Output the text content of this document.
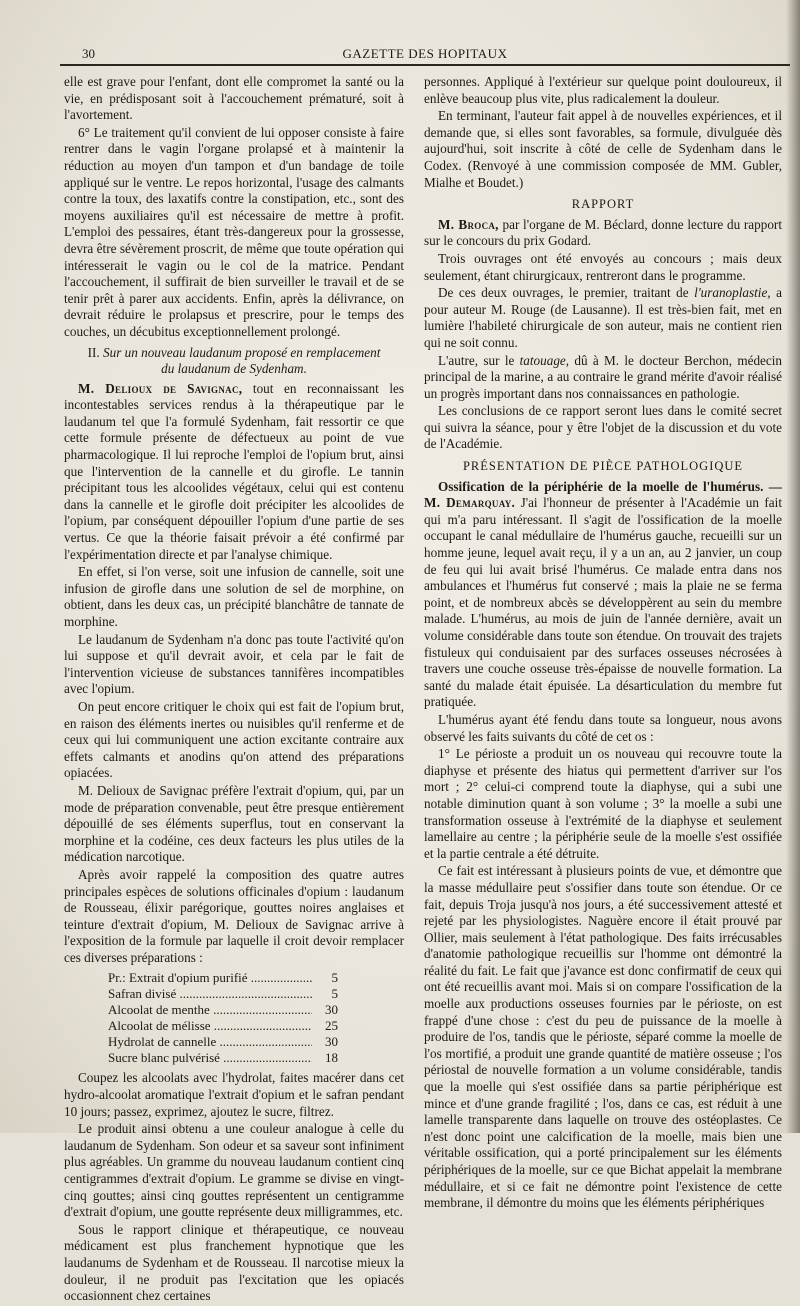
30	GAZETTE DES HOPITAUX

elle est grave pour l'enfant, dont elle compromet la santé ou la vie, en prédisposant soit à l'accouchement prématuré, soit à l'avortement.

6° Le traitement qu'il convient de lui opposer consiste à faire rentrer dans le vagin l'organe prolapsé et à maintenir la réduction au moyen d'un tampon et d'un bandage de toile appliqué sur le ventre. Le repos horizontal, l'usage des calmants contre la toux, des laxatifs contre la constipation, etc., sont des moyens auxiliaires qu'il est nécessaire de mettre à profit. L'emploi des pessaires, étant très-dangereux pour la grossesse, devra être sévèrement proscrit, de même que toute opération qui intéresserait le vagin ou le col de la matrice. Pendant l'accouchement, il suffirait de bien surveiller le travail et de se tenir prêt à parer aux accidents. Enfin, après la délivrance, on devrait réduire le prolapsus et prescrire, pour le temps des couches, un décubitus exceptionnellement prolongé.

II. Sur un nouveau laudanum proposé en remplacement
du laudanum de Sydenham.

M. Delioux de Savignac, tout en reconnaissant les incontestables services rendus à la thérapeutique par le laudanum tel que l'a formulé Sydenham, fait ressortir ce que cette formule présente de défectueux au point de vue pharmacologique. Il lui reproche l'emploi de l'opium brut, ainsi que l'intervention de la cannelle et du girofle. Le tannin précipitant tous les alcoolides végétaux, celui qui est contenu dans la cannelle et le girofle doit précipiter les alcoolides de l'opium, par conséquent dépouiller l'opium d'une partie de ses vertus. Ce que la théorie faisait prévoir a été confirmé par l'expérimentation directe et par l'analyse chimique.

En effet, si l'on verse, soit une infusion de cannelle, soit une infusion de girofle dans une solution de sel de morphine, on obtient, dans les deux cas, un précipité blanchâtre de tannate de morphine.

Le laudanum de Sydenham n'a donc pas toute l'activité qu'on lui suppose et qu'il devrait avoir, et cela par le fait de l'intervention vicieuse de substances tannifères incompatibles avec l'opium.

On peut encore critiquer le choix qui est fait de l'opium brut, en raison des éléments inertes ou nuisibles qu'il renferme et de ceux qui lui communiquent une action excitante contraire aux effets calmants et anodins qu'on attend des préparations opiacées.

M. Delioux de Savignac préfère l'extrait d'opium, qui, par un mode de préparation convenable, peut être presque entièrement dépouillé de ses éléments superflus, tout en conservant la morphine et la codéine, ces deux facteurs les plus utiles de la médication narcotique.

Après avoir rappelé la composition des quatre autres principales espèces de solutions officinales d'opium : laudanum de Rousseau, élixir parégorique, gouttes noires anglaises et teinture d'extrait d'opium, M. Delioux de Savignac arrive à l'exposition de la formule par laquelle il croit devoir remplacer ces diverses préparations :

Pr.: Extrait d'opium purifié .....	5
Safran divisé .....	5
Alcoolat de menthe .....	30
Alcoolat de mélisse .....	25
Hydrolat de cannelle .....	30
Sucre blanc pulvérisé .....	18

Coupez les alcoolats avec l'hydrolat, faites macérer dans cet hydro-alcoolat aromatique l'extrait d'opium et le safran pendant 10 jours; passez, exprimez, ajoutez le sucre, filtrez.

Le produit ainsi obtenu a une couleur analogue à celle du laudanum de Sydenham. Son odeur et sa saveur sont infiniment plus agréables. Un gramme du nouveau laudanum contient cinq centigrammes d'extrait d'opium. Le gramme se divise en vingt-cinq gouttes; ainsi cinq gouttes représentent un centigramme d'extrait d'opium, une goutte représente deux milligrammes, etc.

Sous le rapport clinique et thérapeutique, ce nouveau médicament est plus franchement hypnotique que les laudanums de Sydenham et de Rousseau. Il narcotise mieux la douleur, il ne produit pas l'excitation que les opiacés occasionnent chez certaines

personnes. Appliqué à l'extérieur sur quelque point douloureux, il enlève beaucoup plus vite, plus radicalement la douleur.

En terminant, l'auteur fait appel à de nouvelles expériences, et il demande que, si elles sont favorables, sa formule, divulguée dès aujourd'hui, soit inscrite à côté de celle de Sydenham dans le Codex. (Renvoyé à une commission composée de MM. Gubler, Mialhe et Boudet.)

RAPPORT

M. Broca, par l'organe de M. Béclard, donne lecture du rapport sur le concours du prix Godard.

Trois ouvrages ont été envoyés au concours ; mais deux seulement, étant chirurgicaux, rentreront dans le programme.

De ces deux ouvrages, le premier, traitant de l'uranoplastie, a pour auteur M. Rouge (de Lausanne). Il est très-bien fait, met en lumière l'habileté chirurgicale de son auteur, mais ne contient rien qui ne soit connu.

L'autre, sur le tatouage, dû à M. le docteur Berchon, médecin principal de la marine, a au contraire le grand mérite d'avoir réalisé un progrès important dans nos connaissances en pathologie.

Les conclusions de ce rapport seront lues dans le comité secret qui suivra la séance, pour y être l'objet de la discussion et du vote de l'Académie.

PRÉSENTATION DE PIÈCE PATHOLOGIQUE

Ossification de la périphérie de la moelle de l'humérus. — M. Demarquay. J'ai l'honneur de présenter à l'Académie un fait qui m'a paru intéressant. Il s'agit de l'ossification de la moelle occupant le canal médullaire de l'humérus gauche, recueilli sur un homme jeune, lequel avait reçu, il y a un an, au 2 janvier, un coup de feu qui lui avait brisé l'humérus. Ce malade entra dans nos ambulances et l'humérus fut conservé ; mais la plaie ne se ferma point, et de nombreux abcès se développèrent au sein du membre malade. L'humérus, au mois de juin de l'année dernière, avait un volume considérable dans toute son étendue. On trouvait des trajets fistuleux qui conduisaient par des surfaces osseuses nécrosées à travers une couche osseuse très-épaisse de nouvelle formation. La santé du malade était épuisée. La désarticulation du membre fut pratiquée.

L'humérus ayant été fendu dans toute sa longueur, nous avons observé les faits suivants du côté de cet os :

1° Le périoste a produit un os nouveau qui recouvre toute la diaphyse et présente des hiatus qui permettent d'arriver sur l'os mort ; 2° celui-ci comprend toute la diaphyse, qui a subi une notable diminution quant à son volume ; 3° la moelle a subi une transformation osseuse à l'extrémité de la diaphyse et seulement lamellaire au centre ; la périphérie seule de la moelle s'est ossifiée et la partie centrale a été détruite.

Ce fait est intéressant à plusieurs points de vue, et démontre que la masse médullaire peut s'ossifier dans toute son étendue. Or ce fait, depuis Troja jusqu'à nos jours, a été successivement attesté et rejeté par les physiologistes. Naguère encore il était prouvé par Ollier, mais seulement à l'état pathologique. Des faits irrécusables d'anatomie pathologique recueillis sur l'homme ont démontré la réalité du fait. Le fait que j'avance est donc confirmatif de ceux qui ont été recueillis avant moi. Mais si on compare l'ossification de la moelle aux productions osseuses fournies par le périoste, on est frappé d'une chose : c'est du peu de puissance de la moelle à produire de l'os, tandis que le périoste, séparé comme la moelle de l'os mortifié, a produit une grande quantité de matière osseuse ; l'os périostal de nouvelle formation a un volume considérable, tandis que la moelle qui s'est ossifiée dans sa partie périphérique est mince et d'une grande fragilité ; l'os, dans ce cas, est réduit à une lamelle transparente dans laquelle on trouve des ostéoplastes. Ce n'est donc point une calcification de la moelle, mais bien une véritable ossification, qui a porté principalement sur les éléments périphériques de la moelle, sur ce que Bichat appelait la membrane médullaire, et si ce fait ne démontre point l'existence de cette membrane, il démontre du moins que les éléments périphériques
